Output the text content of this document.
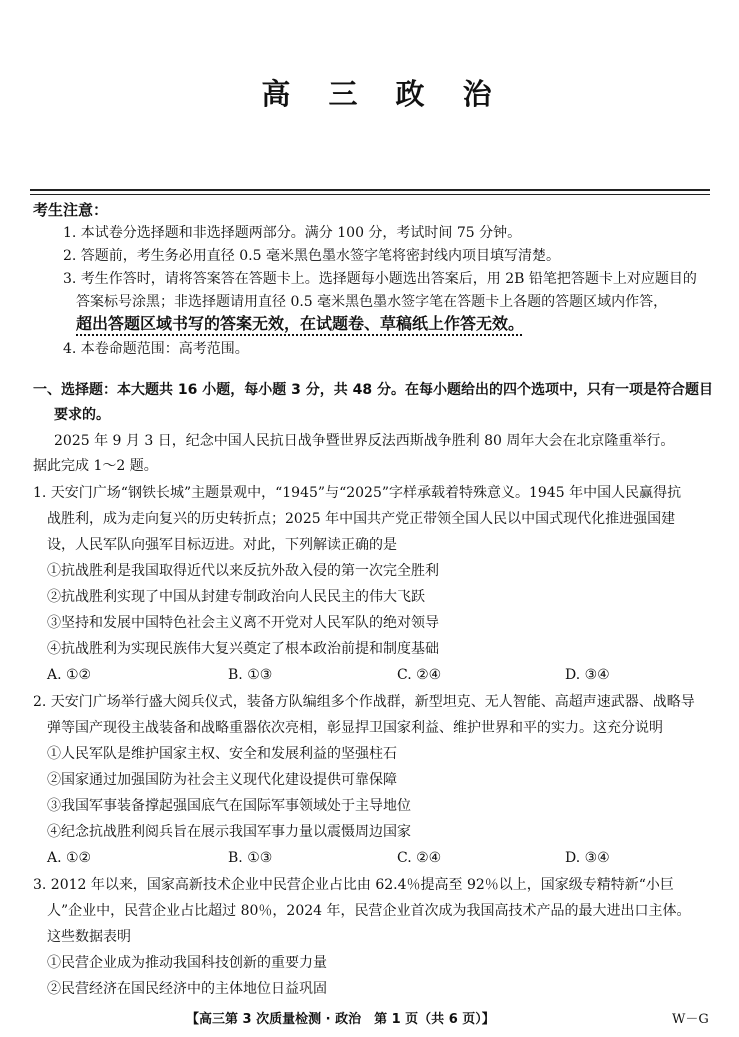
高 三 政 治
考生注意：
1. 本试卷分选择题和非选择题两部分。满分 100 分，考试时间 75 分钟。
2. 答题前，考生务必用直径 0.5 毫米黑色墨水签字笔将密封线内项目填写清楚。
3. 考生作答时，请将答案答在答题卡上。选择题每小题选出答案后，用 2B 铅笔把答题卡上对应题目的
答案标号涂黑；非选择题请用直径 0.5 毫米黑色墨水签字笔在答题卡上各题的答题区域内作答，
超出答题区域书写的答案无效，在试题卷、草稿纸上作答无效。
4. 本卷命题范围：高考范围。
一、选择题：本大题共 16 小题，每小题 3 分，共 48 分。在每小题给出的四个选项中，只有一项是符合题目
要求的。
2025 年 9 月 3 日，纪念中国人民抗日战争暨世界反法西斯战争胜利 80 周年大会在北京隆重举行。
据此完成 1～2 题。
1. 天安门广场“钢铁长城”主题景观中，“1945”与“2025”字样承载着特殊意义。1945 年中国人民赢得抗
战胜利，成为走向复兴的历史转折点；2025 年中国共产党正带领全国人民以中国式现代化推进强国建
设，人民军队向强军目标迈进。对此，下列解读正确的是
①抗战胜利是我国取得近代以来反抗外敌入侵的第一次完全胜利
②抗战胜利实现了中国从封建专制政治向人民民主的伟大飞跃
③坚持和发展中国特色社会主义离不开党对人民军队的绝对领导
④抗战胜利为实现民族伟大复兴奠定了根本政治前提和制度基础
A. ①②	B. ①③	C. ②④	D. ③④
2. 天安门广场举行盛大阅兵仪式，装备方队编组多个作战群，新型坦克、无人智能、高超声速武器、战略导
弹等国产现役主战装备和战略重器依次亮相，彰显捍卫国家利益、维护世界和平的实力。这充分说明
①人民军队是维护国家主权、安全和发展利益的坚强柱石
②国家通过加强国防为社会主义现代化建设提供可靠保障
③我国军事装备撑起强国底气在国际军事领域处于主导地位
④纪念抗战胜利阅兵旨在展示我国军事力量以震慑周边国家
A. ①②	B. ①③	C. ②④	D. ③④
3. 2012 年以来，国家高新技术企业中民营企业占比由 62.4％提高至 92％以上，国家级专精特新“小巨
人”企业中，民营企业占比超过 80％，2024 年，民营企业首次成为我国高技术产品的最大进出口主体。
这些数据表明
①民营企业成为推动我国科技创新的重要力量
②民营经济在国民经济中的主体地位日益巩固
【高三第 3 次质量检测 · 政治　第 1 页（共 6 页）】	W－G
